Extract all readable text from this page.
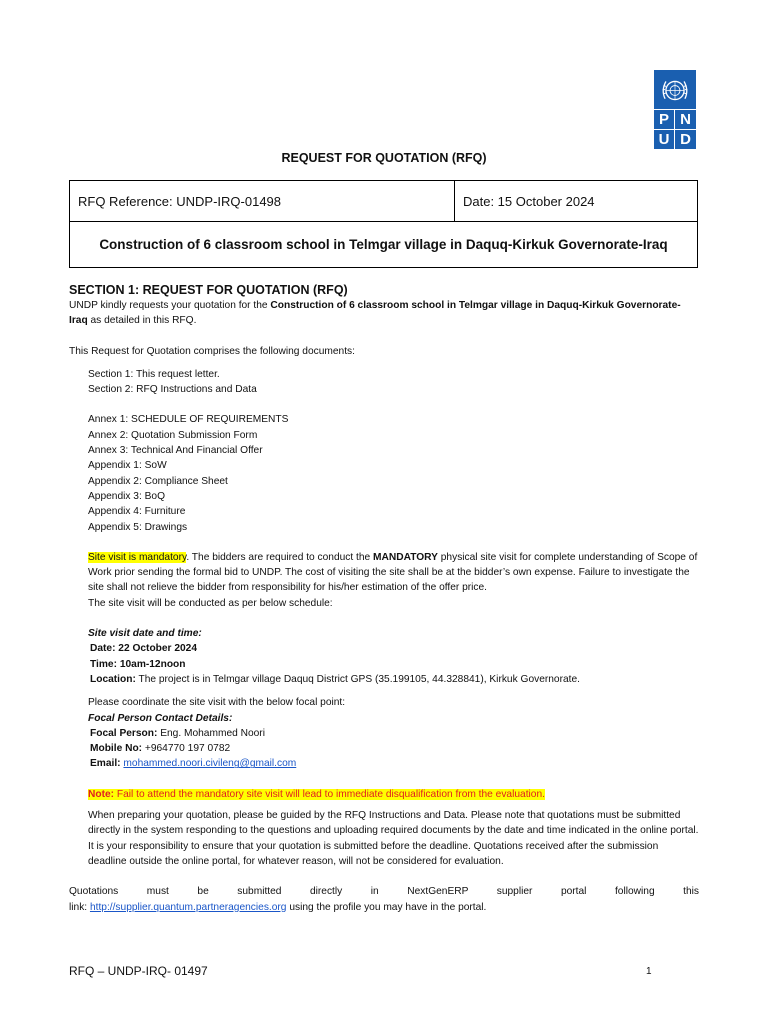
P N
U D
REQUEST FOR QUOTATION (RFQ)
RFQ Reference: UNDP-IRQ-01498	Date: 15 October 2024
Construction of 6 classroom school in Telmgar village in Daquq-Kirkuk Governorate-Iraq
SECTION 1: REQUEST FOR QUOTATION (RFQ)

UNDP kindly requests your quotation for the Construction of 6 classroom school in Telmgar village in Daquq-Kirkuk Governorate-Iraq as detailed in this RFQ.

This Request for Quotation comprises the following documents:

Section 1: This request letter.

Section 2: RFQ Instructions and Data

Annex 1: SCHEDULE OF REQUIREMENTS

Annex 2: Quotation Submission Form

Annex 3: Technical And Financial Offer

Appendix 1: SoW

Appendix 2: Compliance Sheet

Appendix 3: BoQ

Appendix 4: Furniture

Appendix 5: Drawings

Site visit is mandatory. The bidders are required to conduct the MANDATORY physical site visit for complete understanding of Scope of Work prior sending the formal bid to UNDP. The cost of visiting the site shall be at the bidder’s own expense. Failure to investigate the site shall not relieve the bidder from responsibility for his/her estimation of the offer price.

The site visit will be conducted as per below schedule:

Site visit date and time:

Date: 22 October 2024

Time: 10am-12noon

Location: The project is in Telmgar village Daquq District GPS (35.199105, 44.328841), Kirkuk Governorate.

Please coordinate the site visit with the below focal point:

Focal Person Contact Details:

Focal Person: Eng. Mohammed Noori

Mobile No: +964770 197 0782

Email: mohammed.noori.civileng@gmail.com

Note: Fail to attend the mandatory site visit will lead to immediate disqualification from the evaluation.

When preparing your quotation, please be guided by the RFQ Instructions and Data. Please note that quotations must be submitted directly in the system responding to the questions and uploading required documents by the date and time indicated in the online portal. It is your responsibility to ensure that your quotation is submitted before the deadline. Quotations received after the submission deadline outside the online portal, for whatever reason, will not be considered for evaluation.

Quotations must be submitted directly in NextGenERP supplier portal following this

link: http://supplier.quantum.partneragencies.org using the profile you may have in the portal.

RFQ – UNDP-IRQ- 01497	1
